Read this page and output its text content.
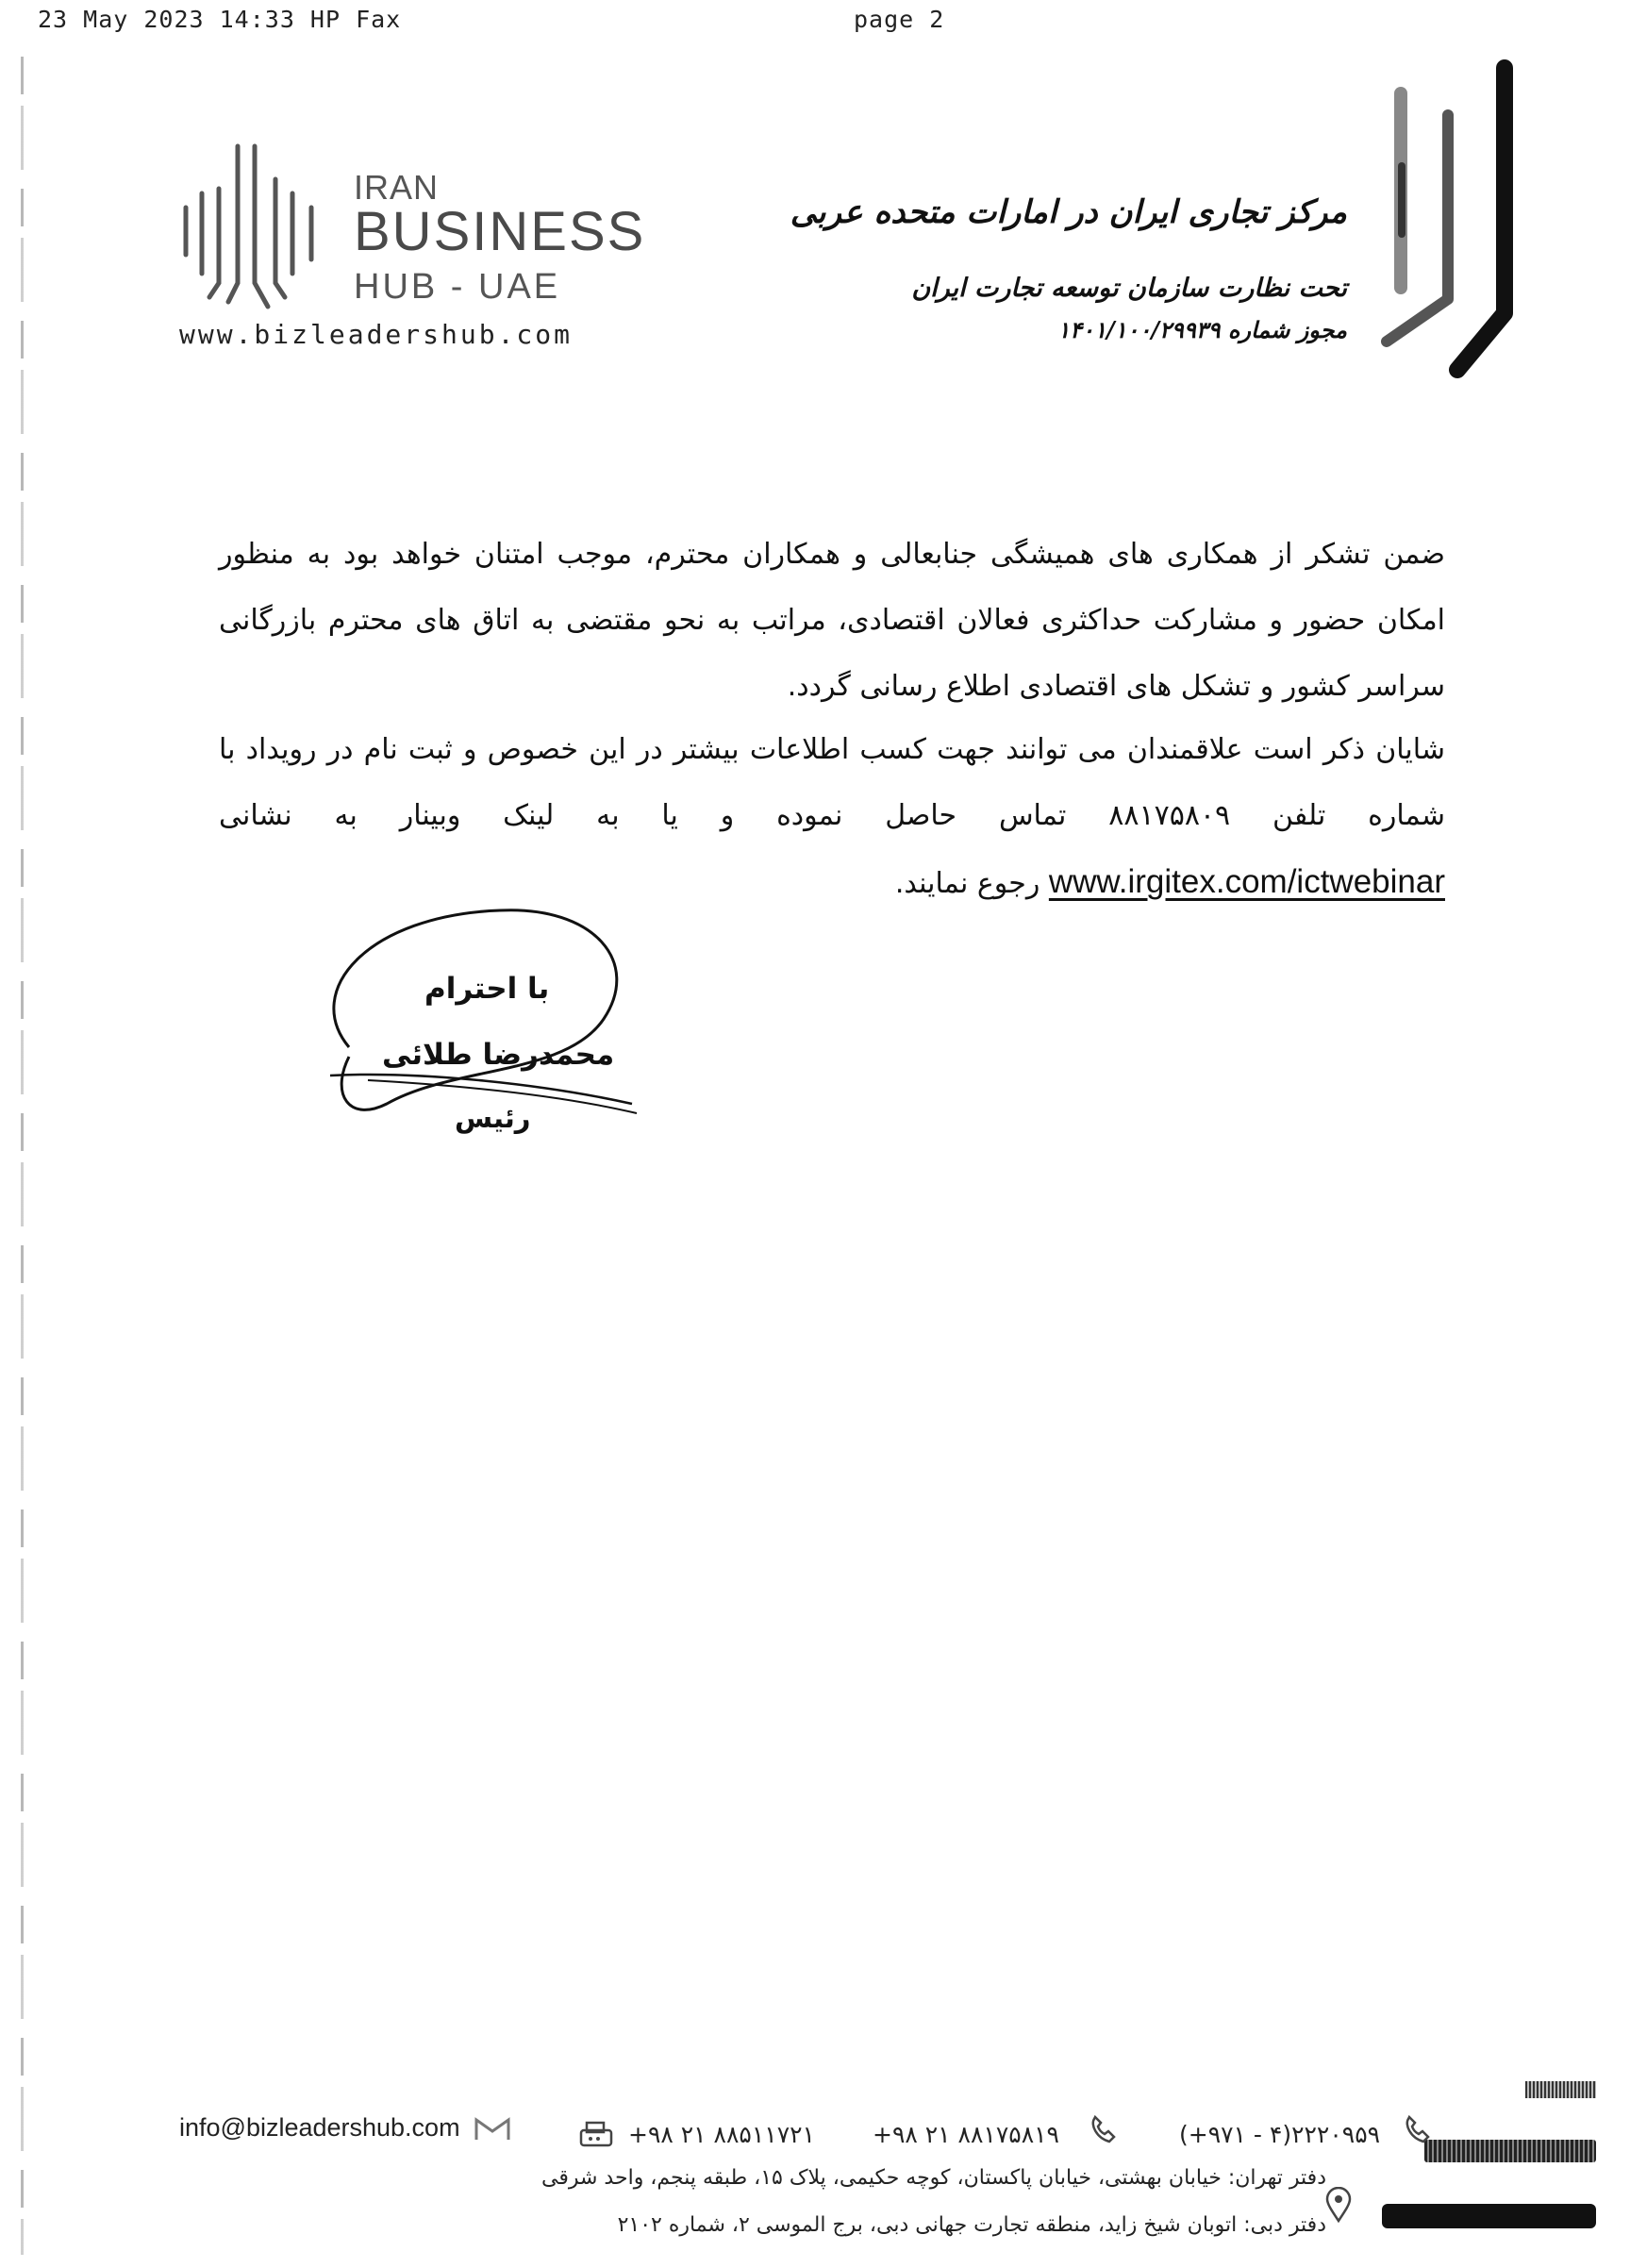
23 May 2023 14:33 HP Fax	page 2
IRAN
BUSINESS
HUB - UAE
www.bizleadershub.com
مرکز تجاری ایران در امارات متحده عربی
تحت نظارت سازمان توسعه تجارت ایران
مجوز شماره ۱۴۰۱/۱۰۰/۲۹۹۳۹
ضمن تشکر از همکاری های همیشگی جنابعالی و همکاران محترم، موجب امتنان خواهد بود به منظور امکان حضور و مشارکت حداکثری فعالان اقتصادی، مراتب به نحو مقتضی به اتاق های محترم بازرگانی سراسر کشور و تشکل های اقتصادی اطلاع رسانی گردد.
شایان ذکر است علاقمندان می توانند جهت کسب اطلاعات بیشتر در این خصوص و ثبت نام در رویداد با شماره تلفن ۸۸۱۷۵۸۰۹ تماس حاصل نموده و یا به لینک وبینار به نشانی www.irgitex.com/ictwebinar رجوع نمایند.
با احترام
محمدرضا طلائی
رئیس
info@bizleadershub.com	+۹۸ ۲۱ ۸۸۵۱۱۷۲۱ +۹۸ ۲۱ ۸۸۱۷۵۸۱۹	(+۹۷۱ - ۴)۲۲۲۰۹۵۹
دفتر تهران: خیابان بهشتی، خیابان پاکستان، کوچه حکیمی، پلاک ۱۵، طبقه پنجم، واحد شرقی
دفتر دبی: اتوبان شیخ زاید، منطقه تجارت جهانی دبی، برج الموسی ۲، شماره ۲۱۰۲
